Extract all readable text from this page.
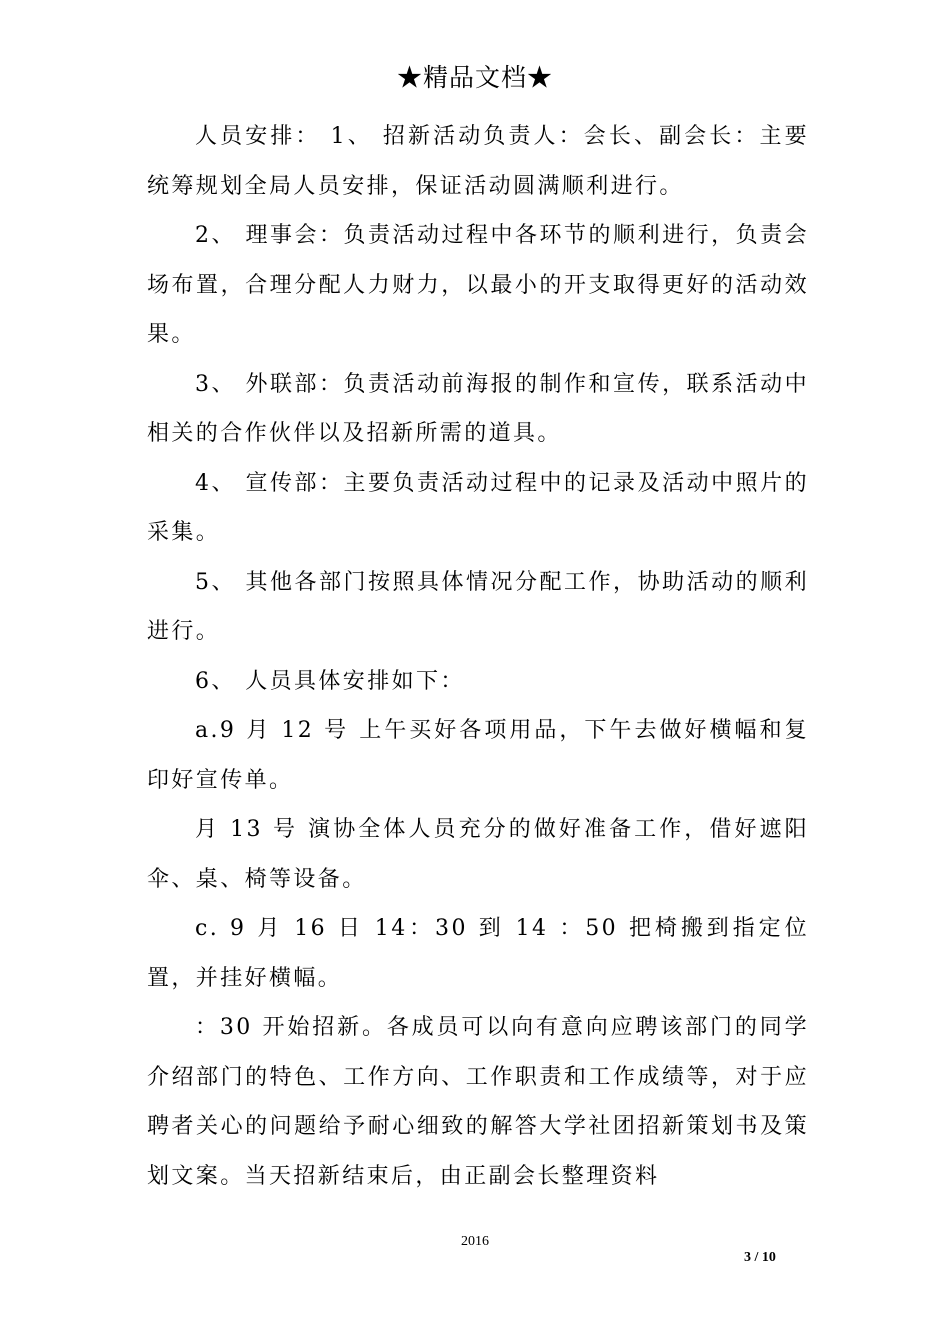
★精品文档★

人员安排： 1、 招新活动负责人：会长、副会长：主要统筹规划全局人员安排，保证活动圆满顺利进行。

2、 理事会：负责活动过程中各环节的顺利进行，负责会场布置，合理分配人力财力，以最小的开支取得更好的活动效果。

3、 外联部：负责活动前海报的制作和宣传，联系活动中相关的合作伙伴以及招新所需的道具。

4、 宣传部：主要负责活动过程中的记录及活动中照片的采集。

5、 其他各部门按照具体情况分配工作，协助活动的顺利进行。

6、 人员具体安排如下：

a.9 月 12 号 上午买好各项用品，下午去做好横幅和复印好宣传单。

月 13 号 演协全体人员充分的做好准备工作，借好遮阳伞、桌、椅等设备。

c. 9 月 16 日 14：30 到 14 ：50 把椅搬到指定位置，并挂好横幅。

：30 开始招新。各成员可以向有意向应聘该部门的同学介绍部门的特色、工作方向、工作职责和工作成绩等，对于应聘者关心的问题给予耐心细致的解答大学社团招新策划书及策划文案。当天招新结束后，由正副会长整理资料

2016
3 / 10
